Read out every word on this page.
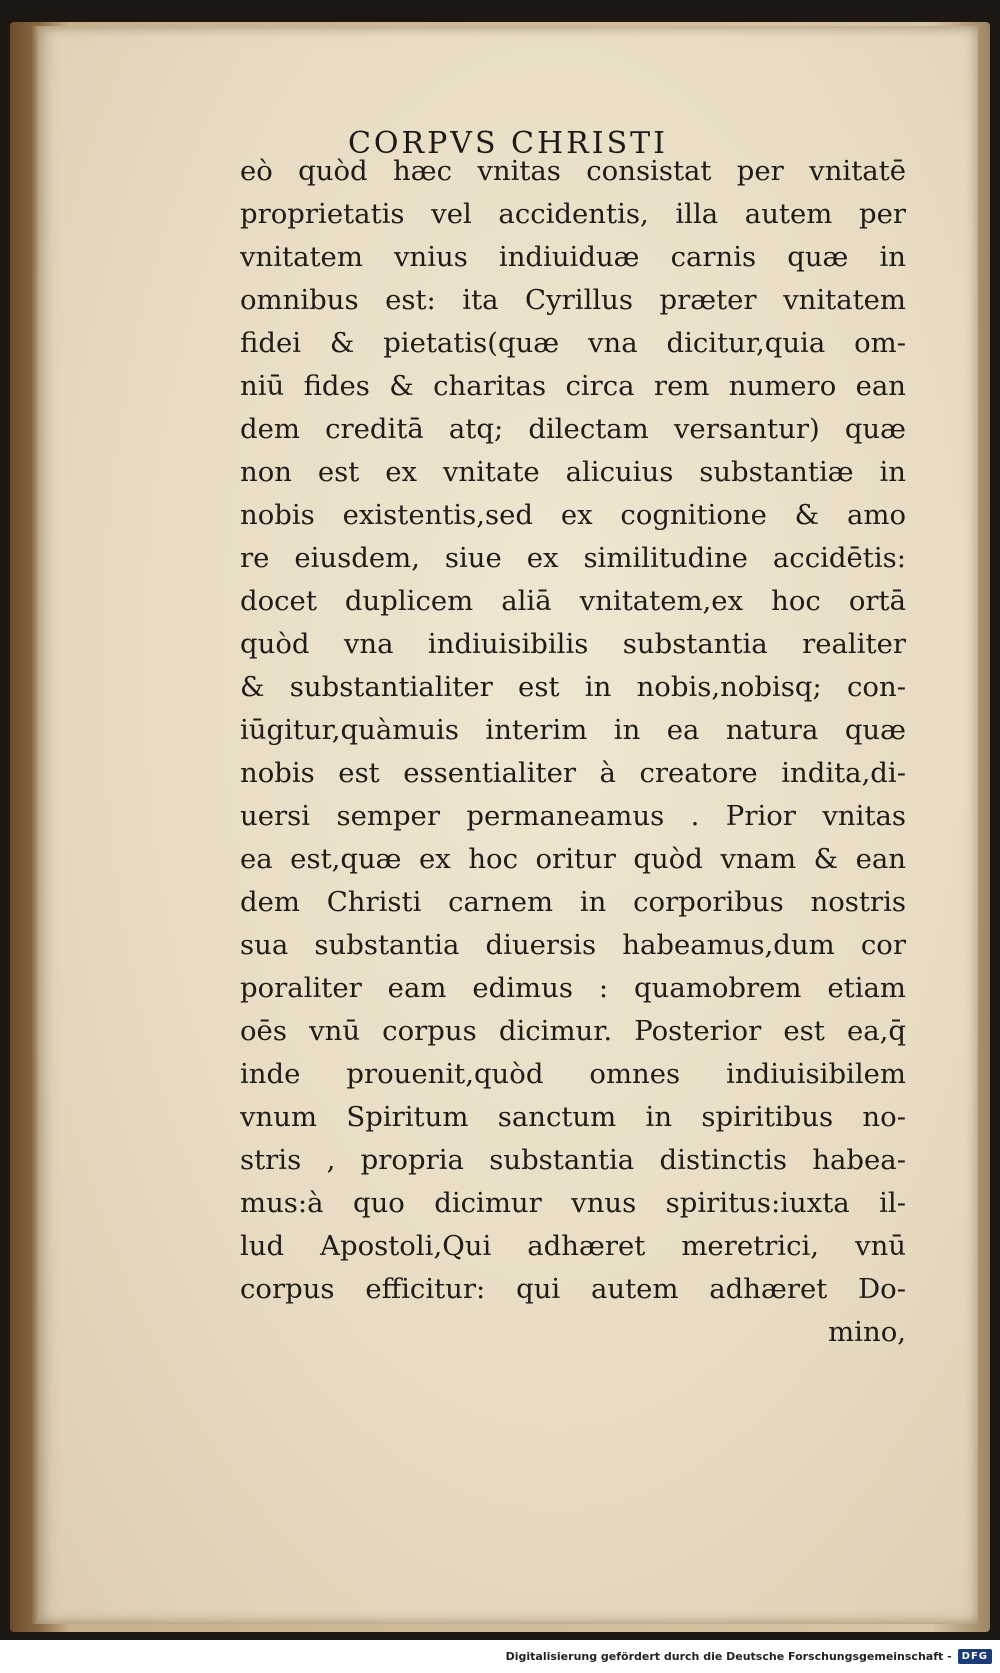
CORPVS CHRISTI
eò quòd hæc vnitas consistat per vnitatē
proprietatis vel accidentis, illa autem per
vnitatem vnius indiuiduæ carnis quæ in
omnibus est: ita Cyrillus præter vnitatem
fidei & pietatis(quæ vna dicitur,quia om-
niū fides & charitas circa rem numero ean
dem creditā atq; dilectam versantur) quæ
non est ex vnitate alicuius substantiæ in
nobis existentis,sed ex cognitione & amo
re eiusdem, siue ex similitudine accidētis:
docet duplicem aliā vnitatem,ex hoc ortā
quòd vna indiuisibilis substantia realiter
& substantialiter est in nobis,nobisq; con-
iūgitur,quàmuis interim in ea natura quæ
nobis est essentialiter à creatore indita,di-
uersi semper permaneamus . Prior vnitas
ea est,quæ ex hoc oritur quòd vnam & ean
dem Christi carnem in corporibus nostris
sua substantia diuersis habeamus,dum cor
poraliter eam edimus : quamobrem etiam
oēs vnū corpus dicimur. Posterior est ea,q̄
inde prouenit,quòd omnes indiuisibilem
vnum Spiritum sanctum in spiritibus no-
stris , propria substantia distinctis habea-
mus:à quo dicimur vnus spiritus:iuxta il-
lud Apostoli,Qui adhæret meretrici, vnū
corpus efficitur: qui autem adhæret Do-
mino,
Digitalisierung gefördert durch die Deutsche Forschungsgemeinschaft -	DFG
